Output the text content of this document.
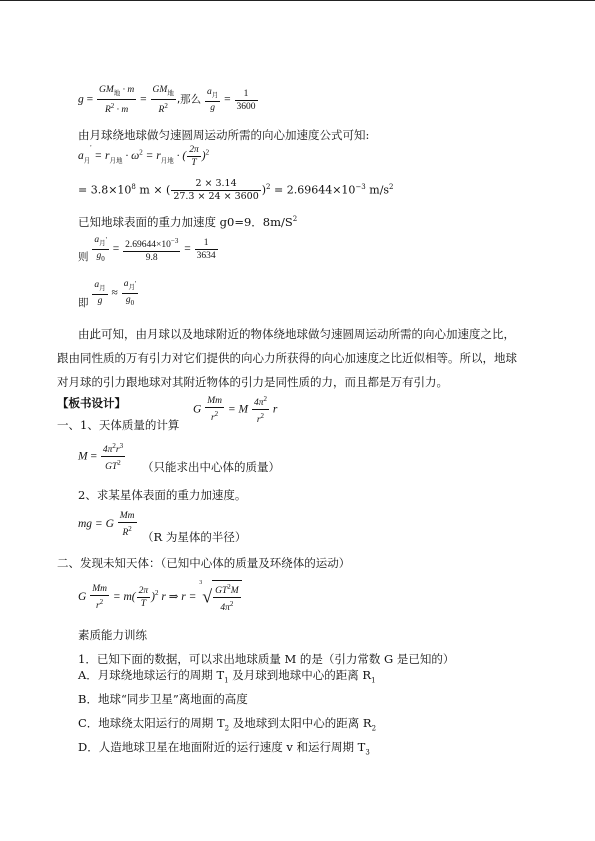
g =
$GM_地 \cdot m$
$R^2 \cdot m$
=
$GM_地$
$R^2$
,那么
$a_月$
g
= $\frac{1}{3600}$
由月球绕地球做匀速圆周运动所需的向心加速度公式可知:
$a_月' = r_{月地} \cdot \omega^2 = r_{月地}$ · ( $\frac{2\pi}{T} )^2$
= $3.8\times 10^8$ m × ( $\frac{2 \times 3.14}{27.3 \times 24 \times 3600} )^2 = 2.69644\times 10^{-3}$ $m/s^2$
已知地球表面的重力加速度 g0=9．$8m/S^2$
则
$a_月'$
$g_0$
= $\frac{2.69644\times 10^{-3}}{9.8} = \frac{1}{3634}$
即
$a_月$
g
≈
$a_月'$
$g_0$
由此可知，由月球以及地球附近的物体绕地球做匀速圆周运动所需的向心加速度之比，
跟由同性质的万有引力对它们提供的向心力所获得的向心加速度之比近似相等。所以，地球
对月球的引力跟地球对其附近物体的引力是同性质的力，而且都是万有引力。
【板书设计】	G $\frac{Mm}{r^2} = M \frac{4\pi^2}{r^2}$ r
一、1、天体质量的计算
$M = \frac{4\pi^2r^3}{GT^2}$ （只能求出中心体的质量）
2、求某星体表面的重力加速度。
mg = G $\frac{Mm}{R^2} (R$ 为星体的半径）
二、发现未知天体：（已知中心体的质量及环绕体的运动）
G $\frac{Mm}{r^2} = m( \frac{2\pi}{T} )^2$ r ⇒ $r = ^3√ \frac{GT^2M}{4\pi^2}$
素质能力训练
1．已知下面的数据，可以求出地球质量 M 的是（引力常数 G 是已知的）
A．月球绕地球运行的周期 $T_1$ 及月球到地球中心的距离 $R_1$
B．地球“同步卫星”离地面的高度
C．地球绕太阳运行的周期 $T_2$ 及地球到太阳中心的距离 $R_2$
D．人造地球卫星在地面附近的运行速度 v 和运行周期 $T_3$
